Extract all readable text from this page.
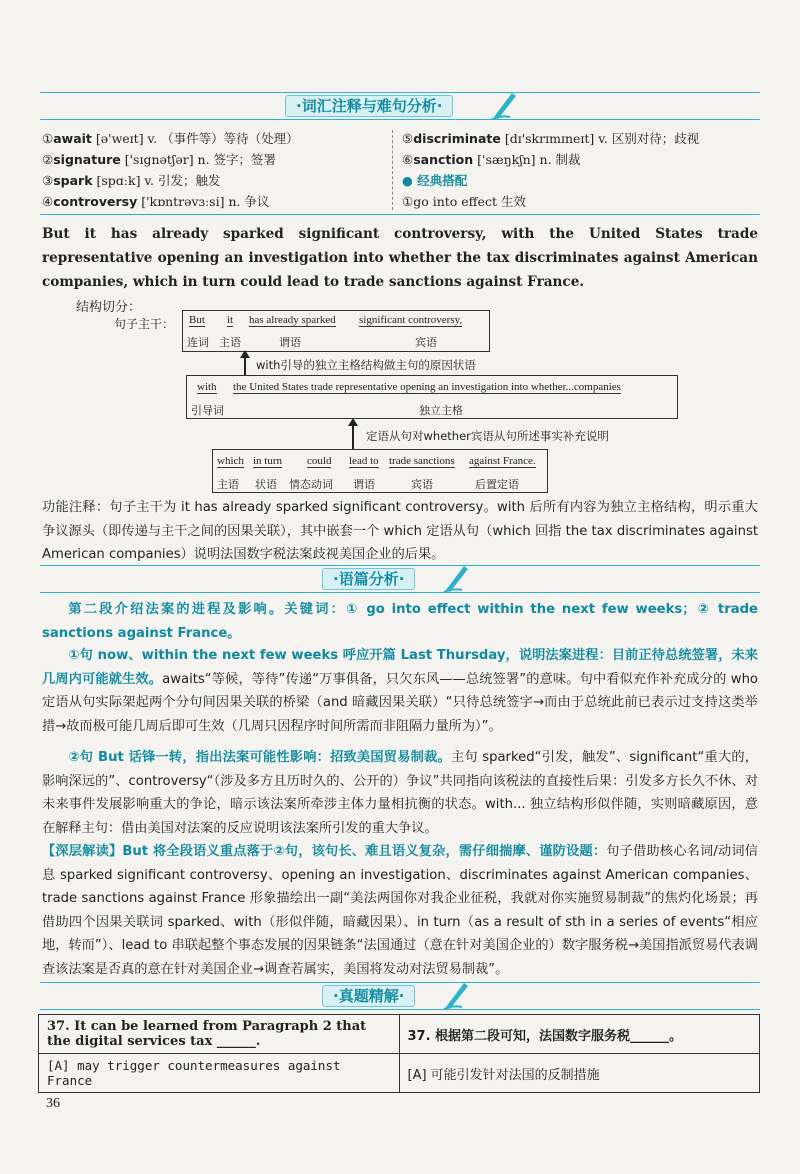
·词汇注释与难句分析·
①await [ə'weɪt] v. （事件等）等待（处理）
②signature ['sɪgnətʃər] n. 签字；签署
③spark [spɑːk] v. 引发；触发
④controversy ['kɒntrəvɜːsi] n. 争议
⑤discriminate [dɪ'skrɪmɪneɪt] v. 区别对待；歧视
⑥sanction ['sæŋkʃn] n. 制裁
● 经典搭配
①go into effect 生效
But it has already sparked significant controversy, with the United States trade representative opening an investigation into whether the tax discriminates against American companies, which in turn could lead to trade sanctions against France.
结构切分：
句子主干： But
连词
it
主语
has already sparked
谓语
significant controversy,
宾语
with引导的独立主格结构做主句的原因状语
with
引导词
the United States trade representative opening an investigation into whether...companies
独立主格
定语从句对whether宾语从句所述事实补充说明
which
主语
in turn
状语
could
情态动词
lead to
谓语
trade sanctions
宾语
against France.
后置定语
功能注释：句子主干为 it has already sparked significant controversy。with 后所有内容为独立主格结构，明示重大争议源头（即传递与主干之间的因果关联），其中嵌套一个 which 定语从句（which 回指 the tax discriminates against American companies）说明法国数字税法案歧视美国企业的后果。
·语篇分析·
第二段介绍法案的进程及影响。关键词：① go into effect within the next few weeks；② trade sanctions against France。
①句 now、within the next few weeks 呼应开篇 Last Thursday，说明法案进程：目前正待总统签署，未来几周内可能就生效。awaits“等候，等待”传递“万事俱备，只欠东风——总统签署”的意味。句中看似充作补充成分的 who 定语从句实际架起两个分句间因果关联的桥梁（and 暗藏因果关联）“只待总统签字→而由于总统此前已表示过支持这类举措→故而极可能几周后即可生效（几周只因程序时间所需而非阻隔力量所为）”。
②句 But 话锋一转，指出法案可能性影响：招致美国贸易制裁。主句 sparked“引发，触发”、significant“重大的，影响深远的”、controversy“（涉及多方且历时久的、公开的）争议”共同指向该税法的直接性后果：引发多方长久不休、对未来事件发展影响重大的争论，暗示该法案所牵涉主体力量相抗衡的状态。with... 独立结构形似伴随，实则暗藏原因，意在解释主句：借由美国对法案的反应说明该法案所引发的重大争议。
【深层解读】But 将全段语义重点落于②句，该句长、难且语义复杂，需仔细揣摩、谨防设题：句子借助核心名词/动词信息 sparked significant controversy、opening an investigation、discriminates against American companies、trade sanctions against France 形象描绘出一副“美法两国你对我企业征税，我就对你实施贸易制裁”的焦灼化场景；再借助四个因果关联词 sparked、with（形似伴随，暗藏因果）、in turn（as a result of sth in a series of events“相应地，转而”）、lead to 串联起整个事态发展的因果链条“法国通过（意在针对美国企业的）数字服务税→美国指派贸易代表调查该法案是否真的意在针对美国企业→调查若属实，美国将发动对法贸易制裁”。
·真题精解·
37. It can be learned from Paragraph 2 that the digital services tax ______.	37. 根据第二段可知，法国数字服务税______。
[A] may trigger countermeasures against France	[A] 可能引发针对法国的反制措施
36
